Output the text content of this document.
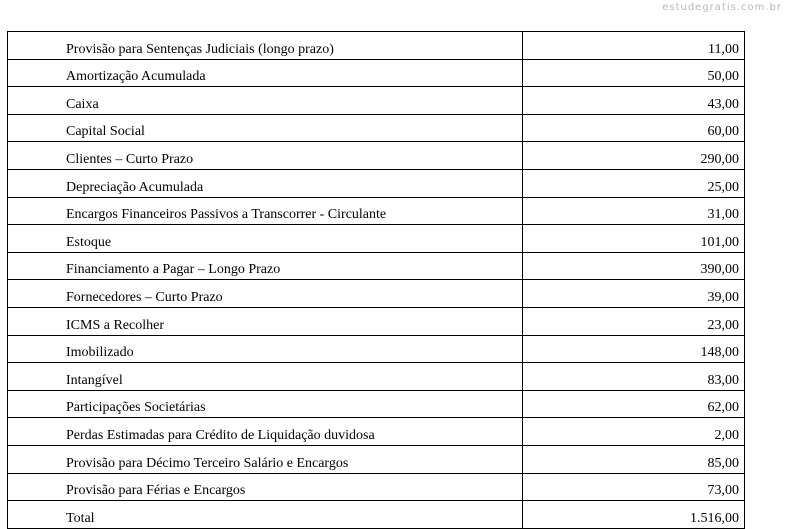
estudegratis.com.br
Provisão para Sentenças Judiciais (longo prazo)	11,00
Amortização Acumulada	50,00
Caixa	43,00
Capital Social	60,00
Clientes – Curto Prazo	290,00
Depreciação Acumulada	25,00
Encargos Financeiros Passivos a Transcorrer - Circulante	31,00
Estoque	101,00
Financiamento a Pagar – Longo Prazo	390,00
Fornecedores – Curto Prazo	39,00
ICMS a Recolher	23,00
Imobilizado	148,00
Intangível	83,00
Participações Societárias	62,00
Perdas Estimadas para Crédito de Liquidação duvidosa	2,00
Provisão para Décimo Terceiro Salário e Encargos	85,00
Provisão para Férias e Encargos	73,00
Total	1.516,00
